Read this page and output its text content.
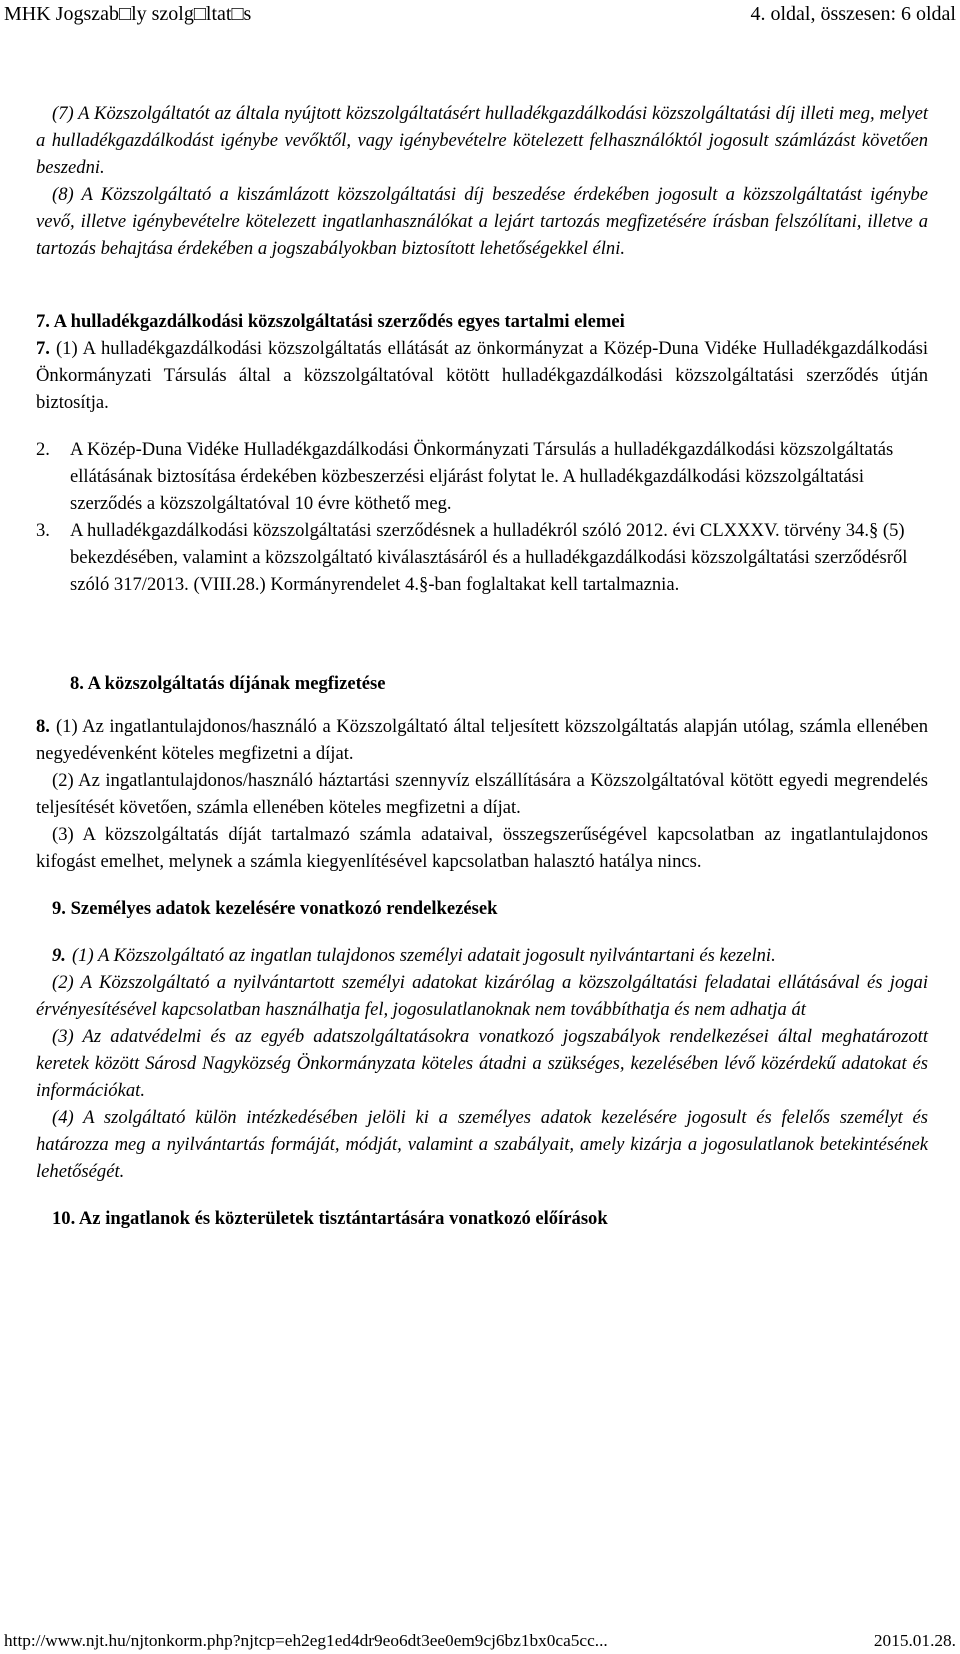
MHK Jogszab□ly szolg□ltat□s	4. oldal, összesen: 6 oldal

(7) A Közszolgáltatót az általa nyújtott közszolgáltatásért hulladékgazdálkodási közszolgáltatási díj illeti meg, melyet a hulladékgazdálkodást igénybe vevőktől, vagy igénybevételre kötelezett felhasználóktól jogosult számlázást követően beszedni.

(8) A Közszolgáltató a kiszámlázott közszolgáltatási díj beszedése érdekében jogosult a közszolgáltatást igénybe vevő, illetve igénybevételre kötelezett ingatlanhasználókat a lejárt tartozás megfizetésére írásban felszólítani, illetve a tartozás behajtása érdekében a jogszabályokban biztosított lehetőségekkel élni.

7. A hulladékgazdálkodási közszolgáltatási szerződés egyes tartalmi elemei

7. (1) A hulladékgazdálkodási közszolgáltatás ellátását az önkormányzat a Közép-Duna Vidéke Hulladékgazdálkodási Önkormányzati Társulás által a közszolgáltatóval kötött hulladékgazdálkodási közszolgáltatási szerződés útján biztosítja.

2. A Közép-Duna Vidéke Hulladékgazdálkodási Önkormányzati Társulás a hulladékgazdálkodási közszolgáltatás ellátásának biztosítása érdekében közbeszerzési eljárást folytat le. A hulladékgazdálkodási közszolgáltatási szerződés a közszolgáltatóval 10 évre köthető meg.

3. A hulladékgazdálkodási közszolgáltatási szerződésnek a hulladékról szóló 2012. évi CLXXXV. törvény 34.§ (5) bekezdésében, valamint a közszolgáltató kiválasztásáról és a hulladékgazdálkodási közszolgáltatási szerződésről szóló 317/2013. (VIII.28.) Kormányrendelet 4.§-ban foglaltakat kell tartalmaznia.

8. A közszolgáltatás díjának megfizetése

8. (1) Az ingatlantulajdonos/használó a Közszolgáltató által teljesített közszolgáltatás alapján utólag, számla ellenében negyedévenként köteles megfizetni a díjat.

(2) Az ingatlantulajdonos/használó háztartási szennyvíz elszállítására a Közszolgáltatóval kötött egyedi megrendelés teljesítését követően, számla ellenében köteles megfizetni a díjat.

(3) A közszolgáltatás díját tartalmazó számla adataival, összegszerűségével kapcsolatban az ingatlantulajdonos kifogást emelhet, melynek a számla kiegyenlítésével kapcsolatban halasztó hatálya nincs.

9. Személyes adatok kezelésére vonatkozó rendelkezések

9. (1) A Közszolgáltató az ingatlan tulajdonos személyi adatait jogosult nyilvántartani és kezelni.

(2) A Közszolgáltató a nyilvántartott személyi adatokat kizárólag a közszolgáltatási feladatai ellátásával és jogai érvényesítésével kapcsolatban használhatja fel, jogosulatlanoknak nem továbbíthatja és nem adhatja át

(3) Az adatvédelmi és az egyéb adatszolgáltatásokra vonatkozó jogszabályok rendelkezései által meghatározott keretek között Sárosd Nagyközség Önkormányzata köteles átadni a szükséges, kezelésében lévő közérdekű adatokat és információkat.

(4) A szolgáltató külön intézkedésében jelöli ki a személyes adatok kezelésére jogosult és felelős személyt és határozza meg a nyilvántartás formáját, módját, valamint a szabályait, amely kizárja a jogosulatlanok betekintésének lehetőségét.

10. Az ingatlanok és közterületek tisztántartására vonatkozó előírások
http://www.njt.hu/njtonkorm.php?njtcp=eh2eg1ed4dr9eo6dt3ee0em9cj6bz1bx0ca5cc...	2015.01.28.
